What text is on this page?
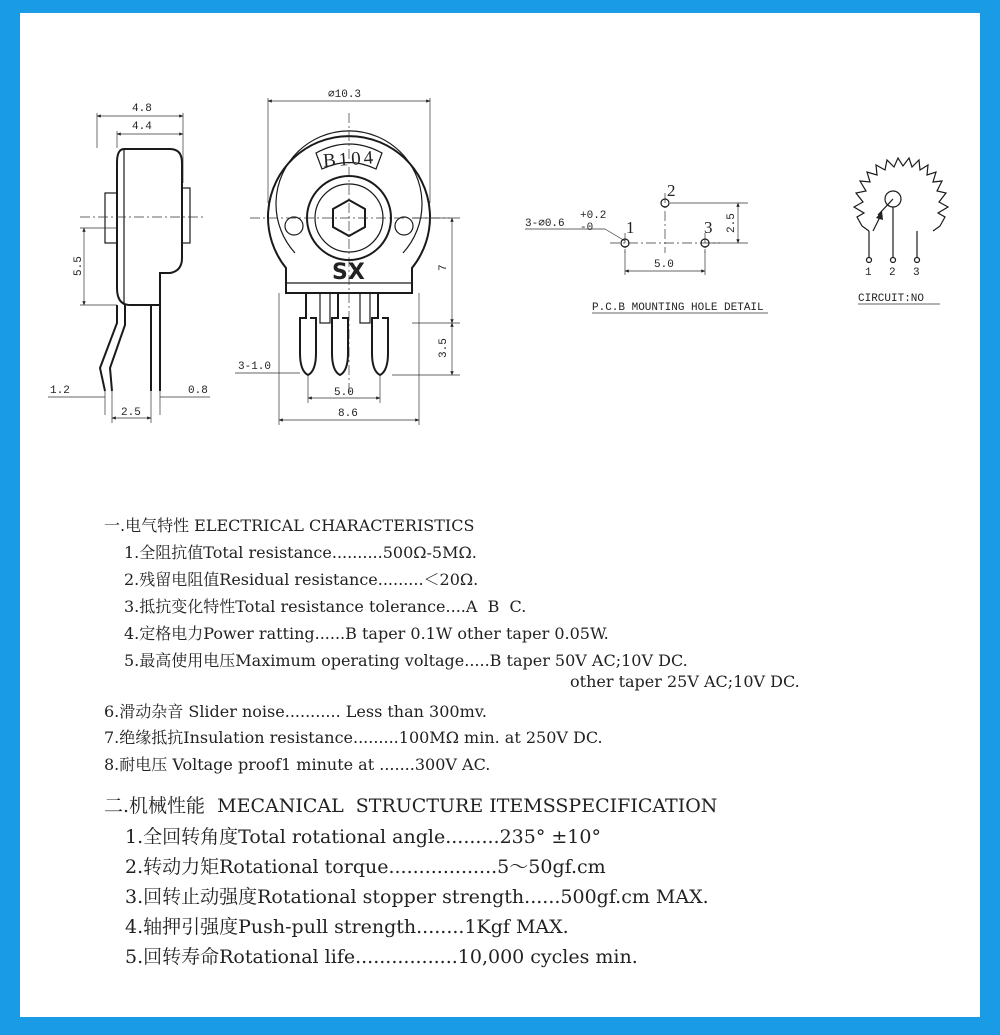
4.8
4.4
5.5
1.2
2.5
0.8
⌀10.3
B104
SX	7
3.5
3-1.0
5.0
8.6
3-⌀0.6
+0.2
-0 1
2
3
5.0
2.5
P.C.B MOUNTING HOLE DETAIL
1 2 3
CIRCUIT:NO

一.电气特性 ELECTRICAL CHARACTERISTICS

1.全阻抗值Total resistance..........500Ω-5MΩ.

2.残留电阻值Residual resistance.........＜20Ω.

3.抵抗变化特性Total resistance tolerance....A  B  C.

4.定格电力Power ratting......B taper 0.1W other taper 0.05W.

5.最高使用电压Maximum operating voltage.....B taper 50V AC;10V DC.

other taper 25V AC;10V DC.

6.滑动杂音 Slider noise........... Less than 300mv.

7.绝缘抵抗Insulation resistance.........100MΩ min. at 250V DC.

8.耐电压 Voltage proof1 minute at .......300V AC.

二.机械性能  MECANICAL  STRUCTURE ITEMSSPECIFICATION

1.全回转角度Total rotational angle.........235° ±10°

2.转动力矩Rotational torque..................5～50gf.cm

3.回转止动强度Rotational stopper strength......500gf.cm MAX.

4.轴押引强度Push-pull strength........1Kgf MAX.

5.回转寿命Rotational life.................10,000 cycles min.
